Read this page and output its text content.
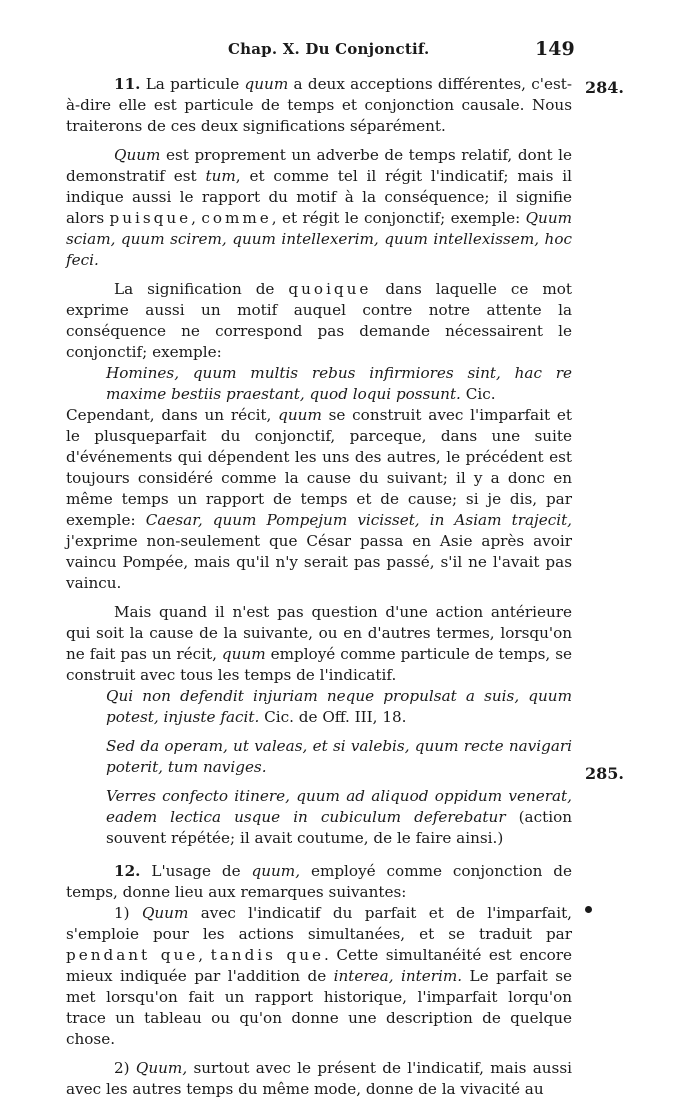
Chap. X. Du Conjonctif.	149
284.
285.

11. La particule quum a deux acceptions différentes, c'est-à-dire elle est particule de temps et conjonction causale. Nous traiterons de ces deux significations séparément.

Quum est proprement un adverbe de temps relatif, dont le demonstratif est tum, et comme tel il régit l'indicatif; mais il indique aussi le rapport du motif à la conséquence; il signifie alors puisque, comme, et régit le conjonctif; exemple: Quum sciam, quum scirem, quum intellexerim, quum intellexissem, hoc feci.

La signification de quoique dans laquelle ce mot exprime aussi un motif auquel contre notre attente la conséquence ne correspond pas demande nécessairent le conjonctif; exemple:

Homines, quum multis rebus infirmiores sint, hac re maxime bestiis praestant, quod loqui possunt. Cic.

Cependant, dans un récit, quum se construit avec l'imparfait et le plusqueparfait du conjonctif, parceque, dans une suite d'événements qui dépendent les uns des autres, le précédent est toujours considéré comme la cause du suivant; il y a donc en même temps un rapport de temps et de cause; si je dis, par exemple: Caesar, quum Pompejum vicisset, in Asiam trajecit, j'exprime non-seulement que César passa en Asie après avoir vaincu Pompée, mais qu'il n'y serait pas passé, s'il ne l'avait pas vaincu.

Mais quand il n'est pas question d'une action antérieure qui soit la cause de la suivante, ou en d'autres termes, lorsqu'on ne fait pas un récit, quum employé comme particule de temps, se construit avec tous les temps de l'indicatif.

Qui non defendit injuriam neque propulsat a suis, quum potest, injuste facit. Cic. de Off. III, 18.

Sed da operam, ut valeas, et si valebis, quum recte navigari poterit, tum naviges.

Verres confecto itinere, quum ad aliquod oppidum venerat, eadem lectica usque in cubiculum deferebatur (action souvent répétée; il avait coutume, de le faire ainsi.)

12. L'usage de quum, employé comme conjonction de temps, donne lieu aux remarques suivantes:

1) Quum avec l'indicatif du parfait et de l'imparfait, s'emploie pour les actions simultanées, et se traduit par pendant que, tandis que. Cette simultanéité est encore mieux indiquée par l'addition de interea, interim. Le parfait se met lorsqu'on fait un rapport historique, l'imparfait lorqu'on trace un tableau ou qu'on donne une description de quelque chose.

2) Quum, surtout avec le présent de l'indicatif, mais aussi avec les autres temps du même mode, donne de la vivacité au
